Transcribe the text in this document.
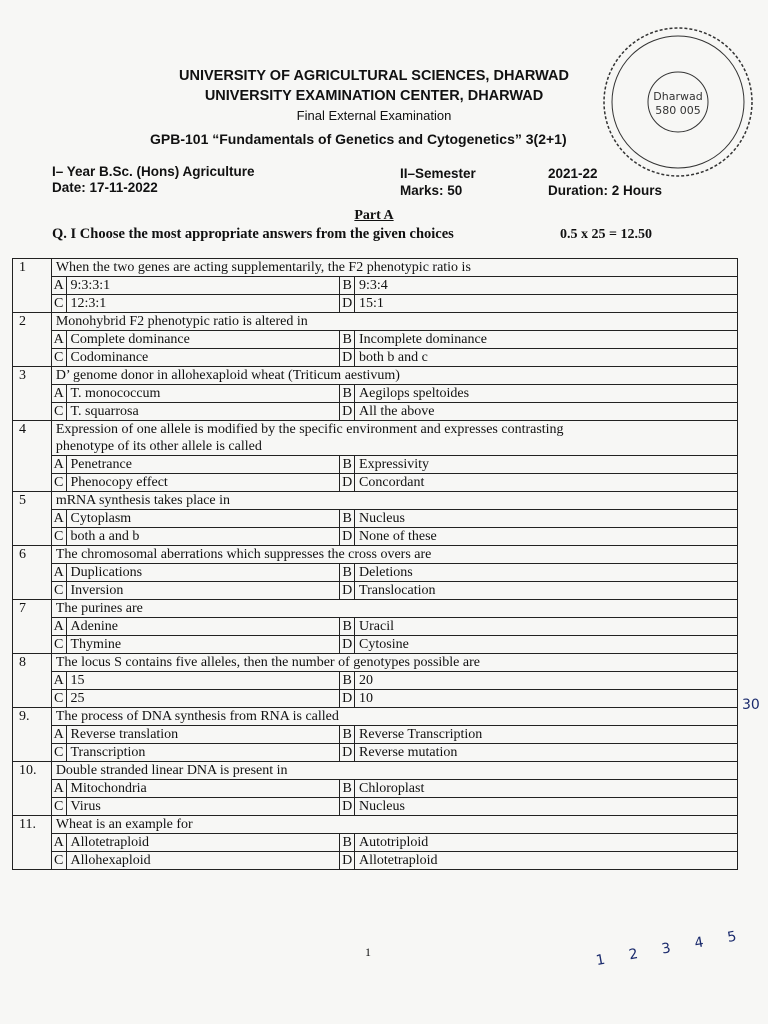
UNIVERSITY OF AGRICULTURAL SCIENCES, DHARWAD
UNIVERSITY EXAMINATION CENTER, DHARWAD
Final External Examination
GPB-101 “Fundamentals of Genetics and Cytogenetics” 3(2+1)
I– Year B.Sc. (Hons) Agriculture
Date: 17-11-2022
II–Semester
Marks: 50
2021-22
Duration: 2 Hours
Part A
Q. I Choose the most appropriate answers from the given choices	0.5 x 25 = 12.50
Dharwad
580 005
1	When the two genes are acting supplementarily, the F2 phenotypic ratio is			
	A	9:3:3:1	B	9:3:4
	C	12:3:1	D	15:1
2	Monohybrid F2 phenotypic ratio is altered in			
	A	Complete dominance	B	Incomplete dominance
	C	Codominance	D	both b and c
3	D’ genome donor in allohexaploid wheat (Triticum aestivum)			
	A	T. monococcum	B	Aegilops speltoides
	C	T. squarrosa	D	All the above
4	Expression of one allele is modified by the specific environment and expresses contrasting
phenotype of its other allele is called			
	A	Penetrance	B	Expressivity
	C	Phenocopy effect	D	Concordant
5	mRNA synthesis takes place in			
	A	Cytoplasm	B	Nucleus
	C	both a and b	D	None of these
6	The chromosomal aberrations which suppresses the cross overs are			
	A	Duplications	B	Deletions
	C	Inversion	D	Translocation
7	The purines are			
	A	Adenine	B	Uracil
	C	Thymine	D	Cytosine
8	The locus S contains five alleles, then the number of genotypes possible are			
	A	15	B	20
	C	25	D	10
9.	The process of DNA synthesis from RNA is called			
	A	Reverse translation	B	Reverse Transcription
	C	Transcription	D	Reverse mutation
10.	Double stranded linear DNA is present in			
	A	Mitochondria	B	Chloroplast
	C	Virus	D	Nucleus
11.	Wheat is an example for			
	A	Allotetraploid	B	Autotriploid
	C	Allohexaploid	D	Allotetraploid
30
1 2 3 4 5
1
